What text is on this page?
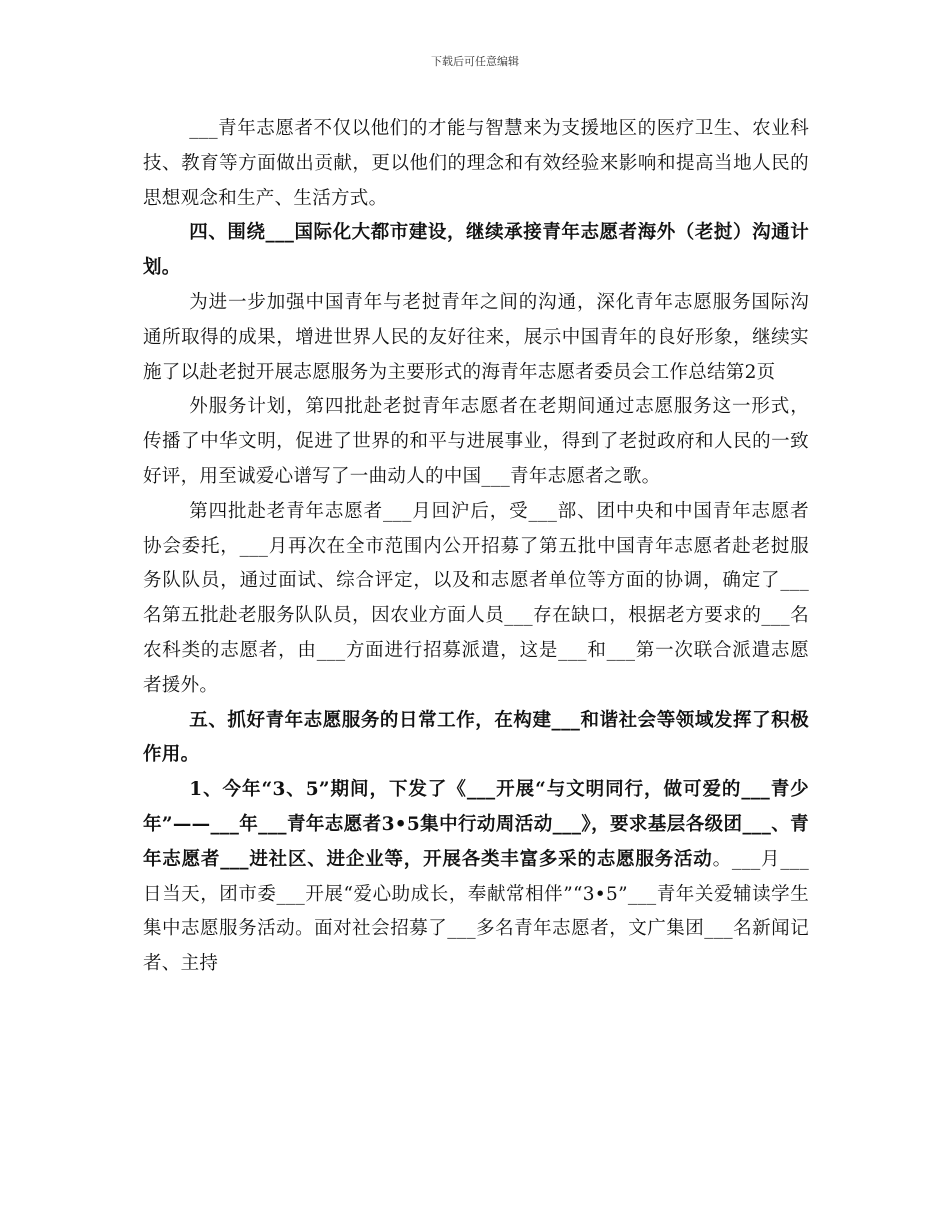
下载后可任意编辑

___青年志愿者不仅以他们的才能与智慧来为支援地区的医疗卫生、农业科技、教育等方面做出贡献，更以他们的理念和有效经验来影响和提高当地人民的思想观念和生产、生活方式。

四、围绕___国际化大都市建设，继续承接青年志愿者海外（老挝）沟通计划。

为进一步加强中国青年与老挝青年之间的沟通，深化青年志愿服务国际沟通所取得的成果，增进世界人民的友好往来，展示中国青年的良好形象，继续实施了以赴老挝开展志愿服务为主要形式的海青年志愿者委员会工作总结第2页

外服务计划，第四批赴老挝青年志愿者在老期间通过志愿服务这一形式，传播了中华文明，促进了世界的和平与进展事业，得到了老挝政府和人民的一致好评，用至诚爱心谱写了一曲动人的中国___青年志愿者之歌。

第四批赴老青年志愿者___月回沪后，受___部、团中央和中国青年志愿者协会委托，___月再次在全市范围内公开招募了第五批中国青年志愿者赴老挝服务队队员，通过面试、综合评定，以及和志愿者单位等方面的协调，确定了___名第五批赴老服务队队员，因农业方面人员___存在缺口，根据老方要求的___名农科类的志愿者，由___方面进行招募派遣，这是___和___第一次联合派遣志愿者援外。

五、抓好青年志愿服务的日常工作，在构建___和谐社会等领域发挥了积极作用。

1、今年“3、5”期间，下发了《___开展“与文明同行，做可爱的___青少年”——___年___青年志愿者3•5集中行动周活动___》，要求基层各级团___、青年志愿者___进社区、进企业等，开展各类丰富多采的志愿服务活动。___月___日当天，团市委___开展“爱心助成长，奉献常相伴”“3•5”___青年关爱辅读学生集中志愿服务活动。面对社会招募了___多名青年志愿者，文广集团___名新闻记者、主持
